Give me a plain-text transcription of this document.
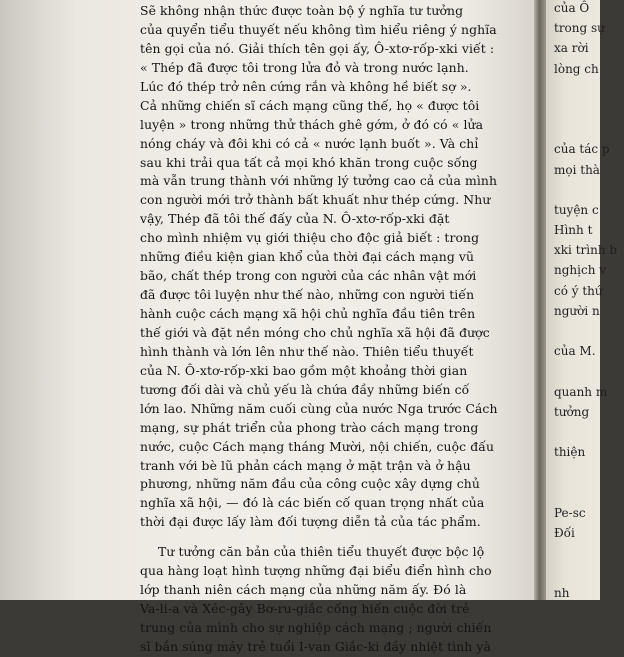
Sẽ không nhận thức được toàn bộ ý nghĩa tư tưởng
của quyển tiểu thuyết nếu không tìm hiểu riêng ý nghĩa
tên gọi của nó. Giải thích tên gọi ấy, Ô-xtơ-rốp-xki viết :
« Thép đã được tôi trong lửa đỏ và trong nước lạnh.
Lúc đó thép trở nên cứng rắn và không hề biết sợ ».
Cả những chiến sĩ cách mạng cũng thế, họ « được tôi
luyện » trong những thử thách ghê gớm, ở đó có « lửa
nóng cháy và đôi khi có cả « nước lạnh buốt ». Và chỉ
sau khi trải qua tất cả mọi khó khăn trong cuộc sống
mà vẫn trung thành với những lý tưởng cao cả của mình
con người mới trở thành bất khuất như thép cứng. Như
vậy, Thép đã tôi thế đấy của N. Ô-xtơ-rốp-xki đặt
cho mình nhiệm vụ giới thiệu cho độc giả biết : trong
những điều kiện gian khổ của thời đại cách mạng vũ
bão, chất thép trong con người của các nhân vật mới
đã được tôi luyện như thế nào, những con người tiến
hành cuộc cách mạng xã hội chủ nghĩa đầu tiên trên
thế giới và đặt nền móng cho chủ nghĩa xã hội đã được
hình thành và lớn lên như thế nào. Thiên tiểu thuyết
của N. Ô-xtơ-rốp-xki bao gồm một khoảng thời gian
tương đối dài và chủ yếu là chứa đầy những biến cố
lớn lao. Những năm cuối cùng của nước Nga trước Cách
mạng, sự phát triển của phong trào cách mạng trong
nước, cuộc Cách mạng tháng Mười, nội chiến, cuộc đấu
tranh với bè lũ phản cách mạng ở mặt trận và ở hậu
phương, những năm đầu của công cuộc xây dựng chủ
nghĩa xã hội, — đó là các biến cố quan trọng nhất của
thời đại được lấy làm đối tượng diễn tả của tác phẩm.
Tư tưởng căn bản của thiên tiểu thuyết được bộc lộ
qua hàng loạt hình tượng những đại biểu điển hình cho
lớp thanh niên cách mạng của những năm ấy. Đó là
Va-li-a và Xéc-gây Bơ-ru-giắc cống hiến cuộc đời trẻ
trung của mình cho sự nghiệp cách mạng ; người chiến
sĩ bắn súng máy trẻ tuổi I-van Giắc-ki đầy nhiệt tình yà
của Ô
trong sự
xa rời
lòng ch
của tác p
mọi thà
tuyện c
Hình t
xki trình b
nghịch v
có ý thứ
người n
của M.
quanh m
tưởng
thiện
Pe-sc
Đối
nh
